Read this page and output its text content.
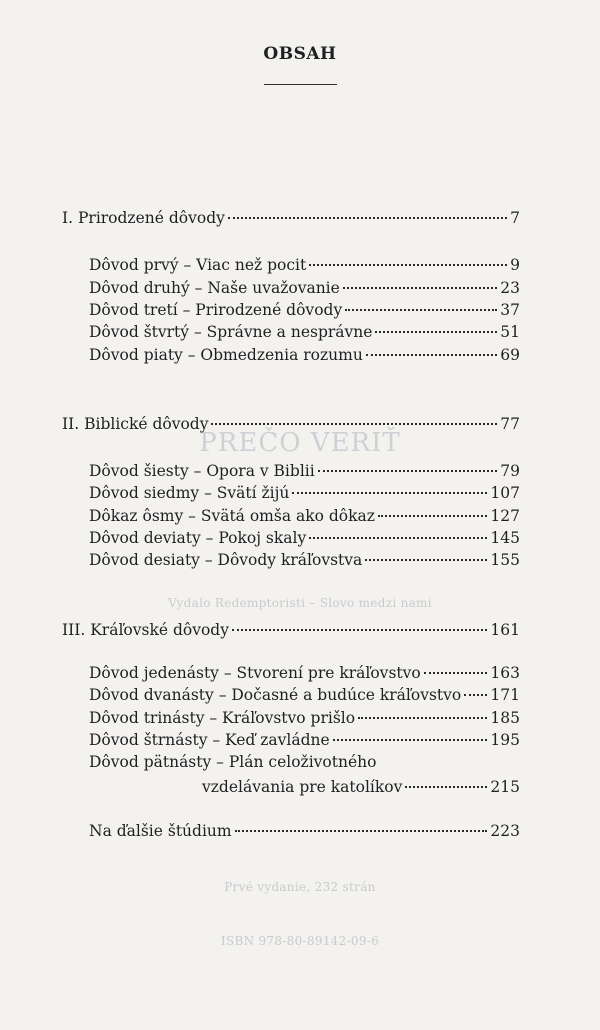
PREČO VERIŤ
Vydalo Redemptoristi – Slovo medzi nami
Prvé vydanie, 232 strán
ISBN 978-80-89142-09-6
OBSAH
I. Prirodzené dôvody	7
Dôvod prvý – Viac než pocit	9
Dôvod druhý – Naše uvažovanie	23
Dôvod tretí – Prirodzené dôvody	37
Dôvod štvrtý – Správne a nesprávne	51
Dôvod piaty – Obmedzenia rozumu	69
II. Biblické dôvody	77
Dôvod šiesty – Opora v Biblii	79
Dôvod siedmy – Svätí žijú	107
Dôkaz ôsmy – Svätá omša ako dôkaz	127
Dôvod deviaty – Pokoj skaly	145
Dôvod desiaty – Dôvody kráľovstva	155
III. Kráľovské dôvody	161
Dôvod jedenásty – Stvorení pre kráľovstvo	163
Dôvod dvanásty – Dočasné a budúce kráľovstvo 171
Dôvod trinásty – Kráľovstvo prišlo	185
Dôvod štrnásty – Keď zavládne	195
Dôvod pätnásty – Plán celoživotného
vzdelávania pre katolíkov	215
Na ďalšie štúdium	223
